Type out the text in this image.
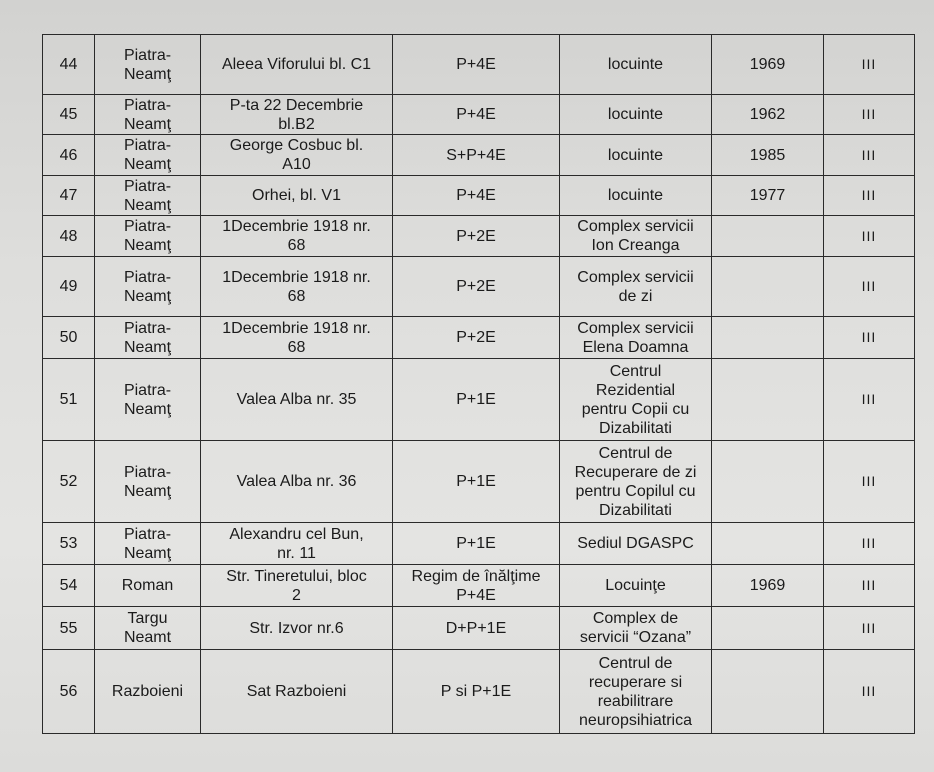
44	Piatra-
Neamţ	Aleea Viforului bl. C1	P+4E	locuinte	1969	III
45	Piatra-
Neamţ	P-ta 22 Decembrie
bl.B2	P+4E	locuinte	1962	III
46	Piatra-
Neamţ	George Cosbuc bl.
A10	S+P+4E	locuinte	1985	III
47	Piatra-
Neamţ	Orhei, bl. V1	P+4E	locuinte	1977	III
48	Piatra-
Neamţ	1Decembrie 1918 nr.
68	P+2E	Complex servicii
Ion Creanga		III
49	Piatra-
Neamţ	1Decembrie 1918 nr.
68	P+2E	Complex servicii
de zi		III
50	Piatra-
Neamţ	1Decembrie 1918 nr.
68	P+2E	Complex servicii
Elena Doamna		III
51	Piatra-
Neamţ	Valea Alba nr. 35	P+1E	Centrul
Rezidential
pentru Copii cu
Dizabilitati		III
52	Piatra-
Neamţ	Valea Alba nr. 36	P+1E	Centrul de
Recuperare de zi
pentru Copilul cu
Dizabilitati		III
53	Piatra-
Neamţ	Alexandru cel Bun,
nr. 11	P+1E	Sediul DGASPC		III
54	Roman	Str. Tineretului, bloc
2	Regim de înălţime
P+4E	Locuinţe	1969	III
55	Targu
Neamt	Str. Izvor nr.6	D+P+1E	Complex de
servicii “Ozana”		III
56	Razboieni	Sat Razboieni	P si P+1E	Centrul de
recuperare si
reabilitrare
neuropsihiatrica		III
